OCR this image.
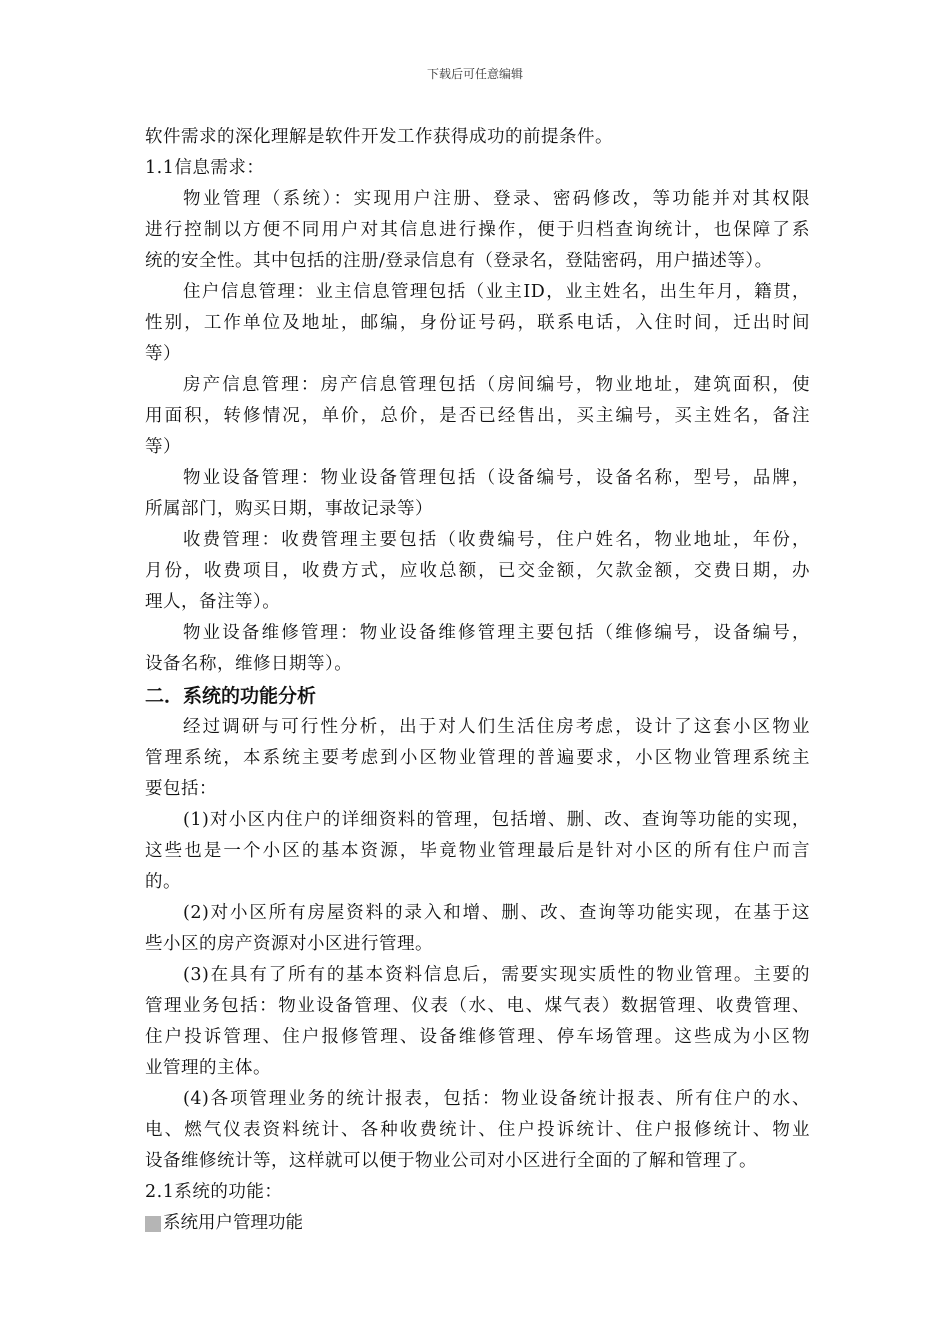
下载后可任意编辑
软件需求的深化理解是软件开发工作获得成功的前提条件。
1.1信息需求：
物业管理（系统）：实现用户注册、登录、密码修改，等功能并对其权限
进行控制以方便不同用户对其信息进行操作，便于归档查询统计，也保障了系
统的安全性。其中包括的注册/登录信息有（登录名，登陆密码，用户描述等）。
住户信息管理：业主信息管理包括（业主ID，业主姓名，出生年月，籍贯，
性别，工作单位及地址，邮编，身份证号码，联系电话，入住时间，迁出时间
等）
房产信息管理：房产信息管理包括（房间编号，物业地址，建筑面积，使
用面积，转修情况，单价，总价，是否已经售出，买主编号，买主姓名，备注
等）
物业设备管理：物业设备管理包括（设备编号，设备名称，型号，品牌，
所属部门，购买日期，事故记录等）
收费管理：收费管理主要包括（收费编号，住户姓名，物业地址，年份，
月份，收费项目，收费方式，应收总额，已交金额，欠款金额，交费日期，办
理人，备注等）。
物业设备维修管理：物业设备维修管理主要包括（维修编号，设备编号，
设备名称，维修日期等）。
二．系统的功能分析
经过调研与可行性分析，出于对人们生活住房考虑，设计了这套小区物业
管理系统，本系统主要考虑到小区物业管理的普遍要求，小区物业管理系统主
要包括：
(1)对小区内住户的详细资料的管理，包括增、删、改、查询等功能的实现，
这些也是一个小区的基本资源，毕竟物业管理最后是针对小区的所有住户而言
的。
(2)对小区所有房屋资料的录入和增、删、改、查询等功能实现，在基于这
些小区的房产资源对小区进行管理。
(3)在具有了所有的基本资料信息后，需要实现实质性的物业管理。主要的
管理业务包括：物业设备管理、仪表（水、电、煤气表）数据管理、收费管理、
住户投诉管理、住户报修管理、设备维修管理、停车场管理。这些成为小区物
业管理的主体。
(4)各项管理业务的统计报表，包括：物业设备统计报表、所有住户的水、
电、燃气仪表资料统计、各种收费统计、住户投诉统计、住户报修统计、物业
设备维修统计等，这样就可以便于物业公司对小区进行全面的了解和管理了。
2.1系统的功能：
系统用户管理功能
